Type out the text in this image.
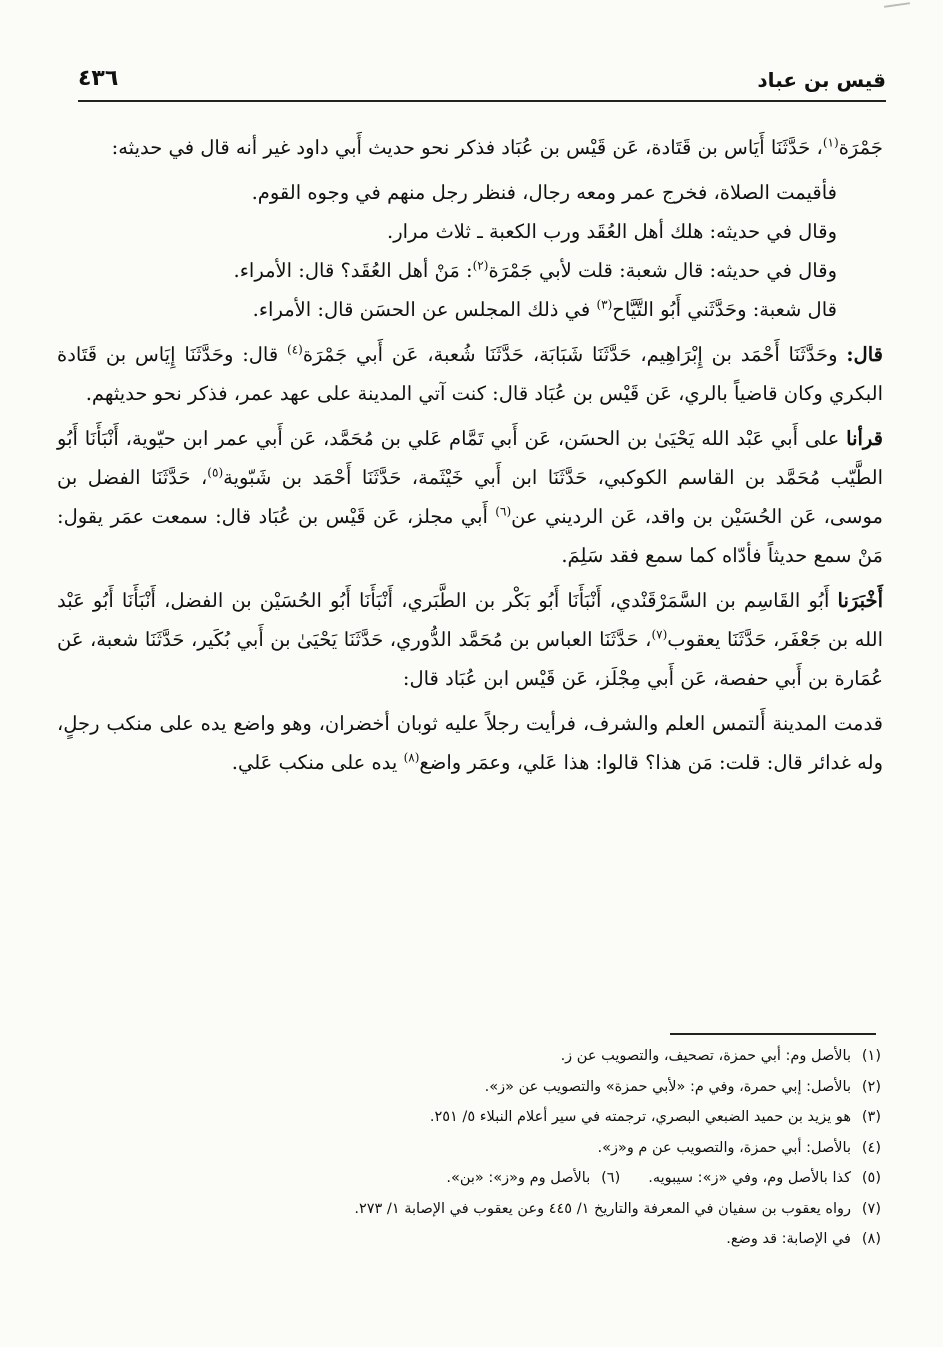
قيس بن عباد
٤٣٦

جَمْرَة$^{(١)}$، حَدَّثَنَا أَيَاس بن قَتَادة، عَن قَيْس بن عُبَاد فذكر نحو حديث أَبي داود غير أنه قال في حديثه:

فأقيمت الصلاة، فخرج عمر ومعه رجال، فنظر رجل منهم في وجوه القوم.

وقال في حديثه: هلك أهل العُقَد ورب الكعبة ـ ثلاث مرار.

وقال في حديثه: قال شعبة: قلت لأبي جَمْرَة$^{(٢)}$: مَنْ أهل العُقَد؟ قال: الأمراء.

قال شعبة: وحَدَّثَني أَبُو التَّيَّاح$^{(٣)}$ في ذلك المجلس عن الحسَن قال: الأمراء.

قال: وحَدَّثَنَا أَحْمَد بن إِبْرَاهِيم، حَدَّثَنَا شَبَابَة، حَدَّثَنَا شُعبة، عَن أَبي جَمْرَة$^{(٤)}$ قال: وحَدَّثَنَا إِيَاس بن قَتَادة البكري وكان قاضياً بالري، عَن قَيْس بن عُبَاد قال: كنت آتي المدينة على عهد عمر، فذكر نحو حديثهم.

قرأنا على أَبي عَبْد الله يَحْيَىٰ بن الحسَن، عَن أَبي تَمَّام عَلي بن مُحَمَّد، عَن أَبي عمر ابن حيّوية، أَنْبَأَنَا أَبُو الطَّيّب مُحَمَّد بن القاسم الكوكبي، حَدَّثَنَا ابن أَبي خَيْثَمة، حَدَّثَنَا أَحْمَد بن شَبّوية$^{(٥)}$، حَدَّثَنَا الفضل بن موسى، عَن الحُسَيْن بن واقد، عَن الرديني عن$^{(٦)}$ أَبي مجلز، عَن قَيْس بن عُبَاد قال: سمعت عمَر يقول: مَنْ سمع حديثاً فأدّاه كما سمع فقد سَلِمَ.

أَخْبَرَنا أَبُو القَاسِم بن السَّمَرْقَنْدي، أَنْبَأَنَا أَبُو بَكْر بن الطَّبَري، أَنْبَأَنَا أَبُو الحُسَيْن بن الفضل، أَنْبَأَنَا أَبُو عَبْد الله بن جَعْفَر، حَدَّثَنَا يعقوب$^{(٧)}$، حَدَّثَنَا العباس بن مُحَمَّد الدُّوري، حَدَّثَنَا يَحْيَىٰ بن أَبي بُكَير، حَدَّثَنَا شعبة، عَن عُمَارة بن أَبي حفصة، عَن أَبي مِجْلَز، عَن قَيْس ابن عُبَاد قال:

قدمت المدينة أَلتمس العلم والشرف، فرأيت رجلاً عليه ثوبان أخضران، وهو واضع يده على منكب رجلٍ، وله غدائر قال: قلت: مَن هذا؟ قالوا: هذا عَلي، وعمَر واضع$^{(٨)}$ يده على منكب عَلي.

(١)بالأصل وم: أبي حمزة، تصحيف، والتصويب عن ز.

(٢)بالأصل: إبي حمرة، وفي م: «لأبي حمزة» والتصويب عن «ز».

(٣)هو يزيد بن حميد الضبعي البصري، ترجمته في سير أعلام النبلاء ٥/ ٢٥١.

(٤)بالأصل: أبي حمزة، والتصويب عن م و«ز».

(٥)كذا بالأصل وم، وفي «ز»: سيبويه.(٦)بالأصل وم و«ز»: «بن».

(٧)رواه يعقوب بن سفيان في المعرفة والتاريخ ١/ ٤٤٥ وعن يعقوب في الإصابة ١/ ٢٧٣.

(٨)في الإصابة: قد وضع.
